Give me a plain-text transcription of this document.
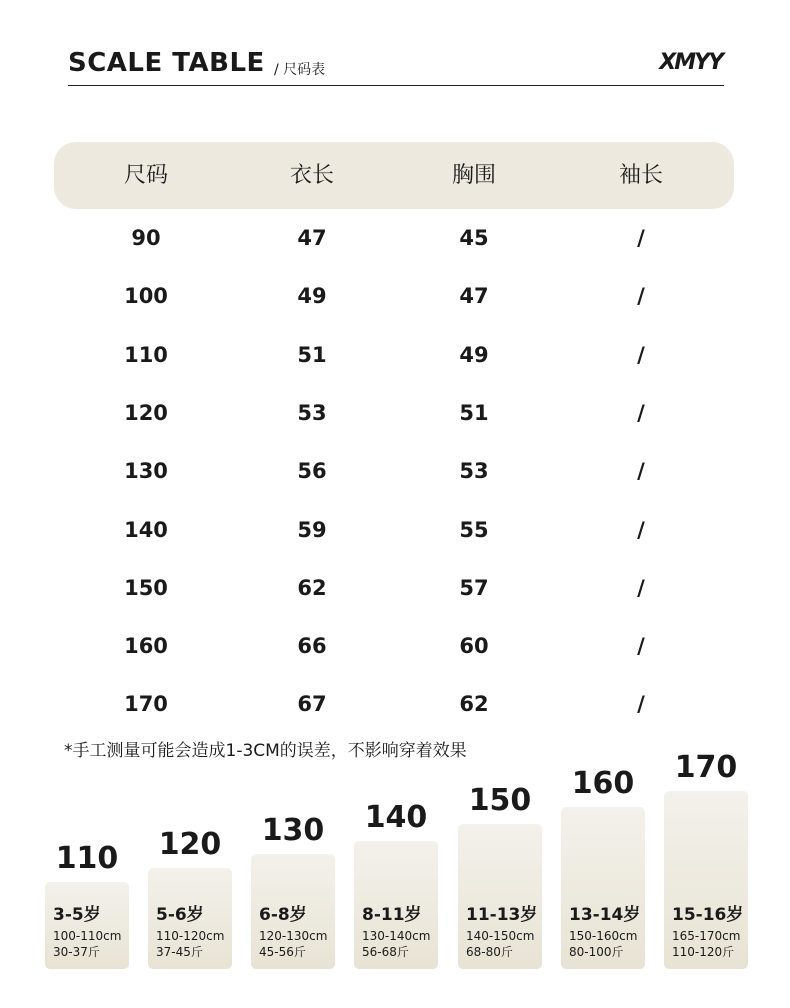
SCALE TABLE / 尺码表	XMYY
尺码	衣长	胸围	袖长
90	47	45	/
100	49	47	/
110	51	49	/
120	53	51	/
130	56	53	/
140	59	55	/
150	62	57	/
160	66	60	/
170	67	62	/
*手工测量可能会造成1-3CM的误差，不影响穿着效果
110
3-5岁
100-110cm
30-37斤
120
5-6岁
110-120cm
37-45斤
130
6-8岁
120-130cm
45-56斤
140
8-11岁
130-140cm
56-68斤
150
11-13岁
140-150cm
68-80斤
160
13-14岁
150-160cm
80-100斤
170
15-16岁
165-170cm
110-120斤
